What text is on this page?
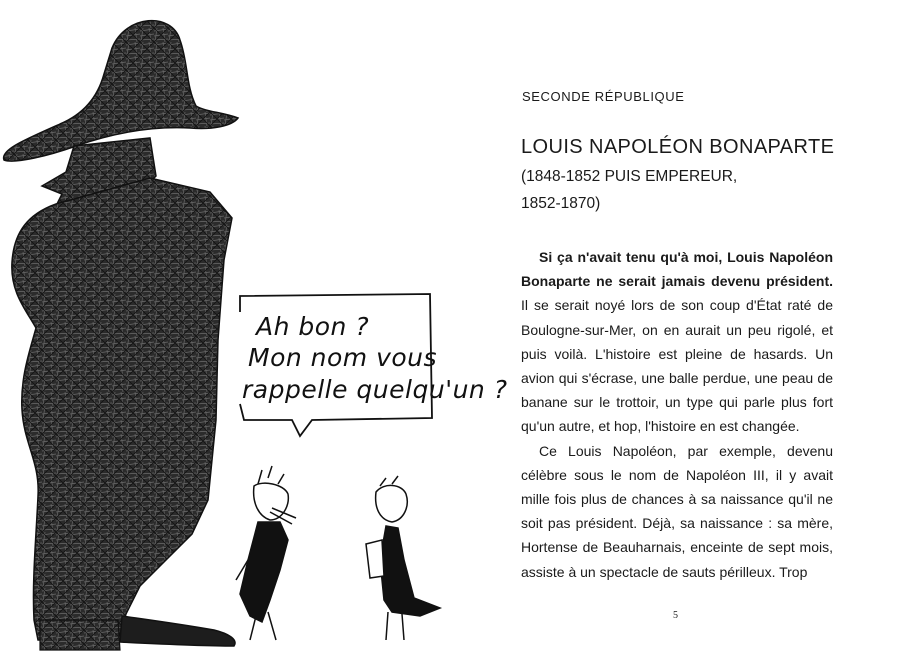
Ah bon ?
Mon nom vous
rappelle quelqu'un ?

SECONDE RÉPUBLIQUE

LOUIS NAPOLÉON BONAPARTE
(1848-1852 PUIS EMPEREUR,
1852-1870)

Si ça n'avait tenu qu'à moi, Louis Napoléon Bonaparte ne serait jamais devenu président. Il se serait noyé lors de son coup d'État raté de Boulogne-sur-Mer, on en aurait un peu rigolé, et puis voilà. L'histoire est pleine de hasards. Un avion qui s'écrase, une balle perdue, une peau de banane sur le trottoir, un type qui parle plus fort qu'un autre, et hop, l'histoire en est changée.

Ce Louis Napoléon, par exemple, devenu célèbre sous le nom de Napoléon III, il y avait mille fois plus de chances à sa naissance qu'il ne soit pas président. Déjà, sa naissance : sa mère, Hortense de Beauharnais, enceinte de sept mois, assiste à un spectacle de sauts périlleux. Trop

5
